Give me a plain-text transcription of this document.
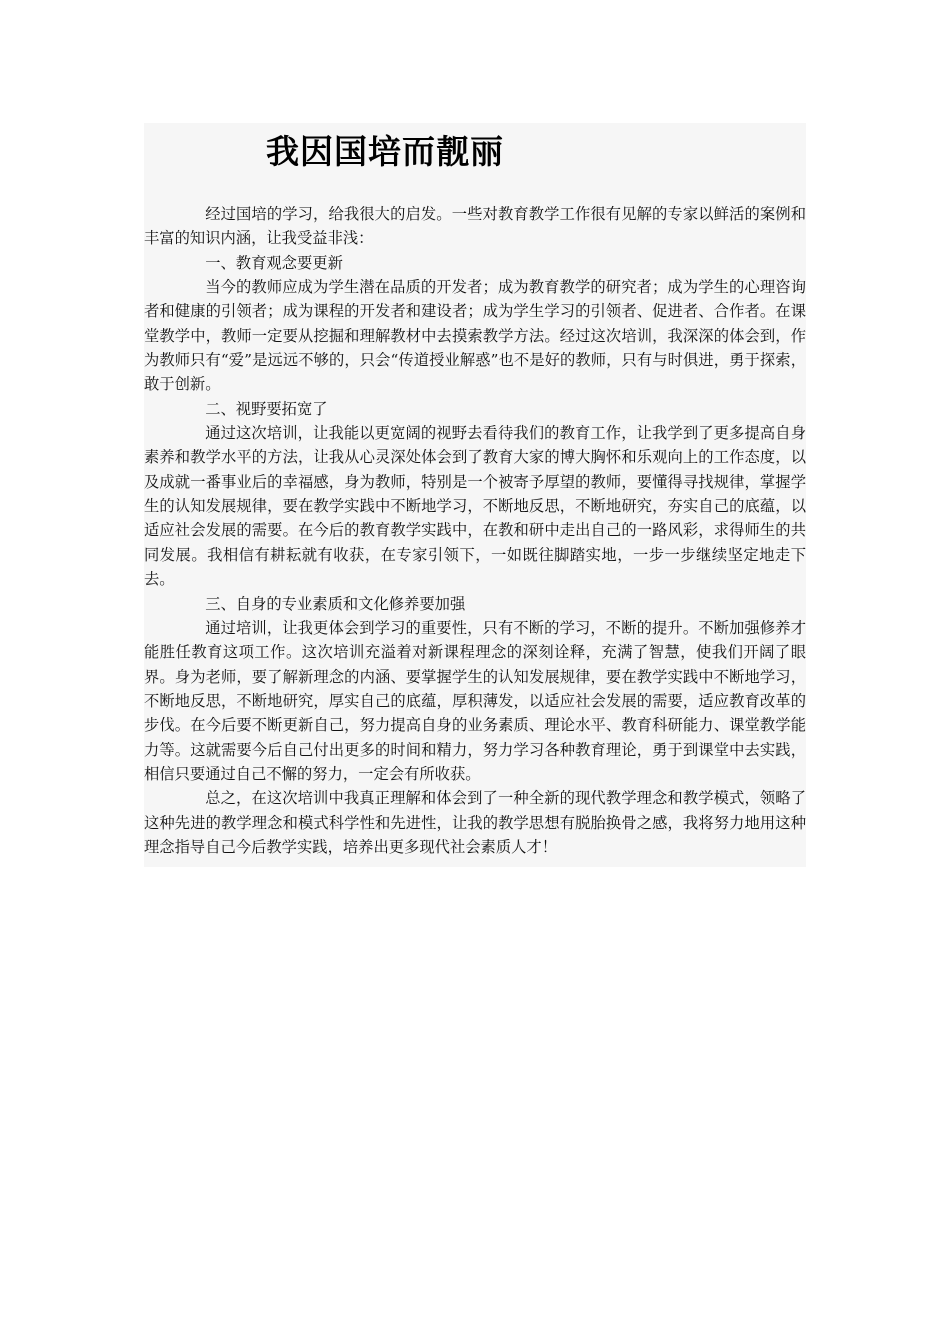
我因国培而靓丽

经过国培的学习，给我很大的启发。一些对教育教学工作很有见解的专家以鲜活的案例和丰富的知识内涵，让我受益非浅：

一、教育观念要更新

当今的教师应成为学生潜在品质的开发者；成为教育教学的研究者；成为学生的心理咨询者和健康的引领者；成为课程的开发者和建设者；成为学生学习的引领者、促进者、合作者。在课堂教学中，教师一定要从挖掘和理解教材中去摸索教学方法。经过这次培训，我深深的体会到，作为教师只有“爱”是远远不够的，只会“传道授业解惑”也不是好的教师，只有与时俱进，勇于探索，敢于创新。

二、视野要拓宽了

通过这次培训，让我能以更宽阔的视野去看待我们的教育工作，让我学到了更多提高自身素养和教学水平的方法，让我从心灵深处体会到了教育大家的博大胸怀和乐观向上的工作态度，以及成就一番事业后的幸福感，身为教师，特别是一个被寄予厚望的教师，要懂得寻找规律，掌握学生的认知发展规律，要在教学实践中不断地学习，不断地反思，不断地研究，夯实自己的底蕴，以适应社会发展的需要。在今后的教育教学实践中，在教和研中走出自己的一路风彩，求得师生的共同发展。我相信有耕耘就有收获，在专家引领下，一如既往脚踏实地，一步一步继续坚定地走下去。

三、自身的专业素质和文化修养要加强

通过培训，让我更体会到学习的重要性，只有不断的学习，不断的提升。不断加强修养才能胜任教育这项工作。这次培训充溢着对新课程理念的深刻诠释，充满了智慧，使我们开阔了眼界。身为老师，要了解新理念的内涵、要掌握学生的认知发展规律，要在教学实践中不断地学习，不断地反思，不断地研究，厚实自己的底蕴，厚积薄发，以适应社会发展的需要，适应教育改革的步伐。在今后要不断更新自己，努力提高自身的业务素质、理论水平、教育科研能力、课堂教学能力等。这就需要今后自己付出更多的时间和精力，努力学习各种教育理论，勇于到课堂中去实践，相信只要通过自己不懈的努力，一定会有所收获。

总之，在这次培训中我真正理解和体会到了一种全新的现代教学理念和教学模式，领略了这种先进的教学理念和模式科学性和先进性，让我的教学思想有脱胎换骨之感，我将努力地用这种理念指导自己今后教学实践，培养出更多现代社会素质人才！
